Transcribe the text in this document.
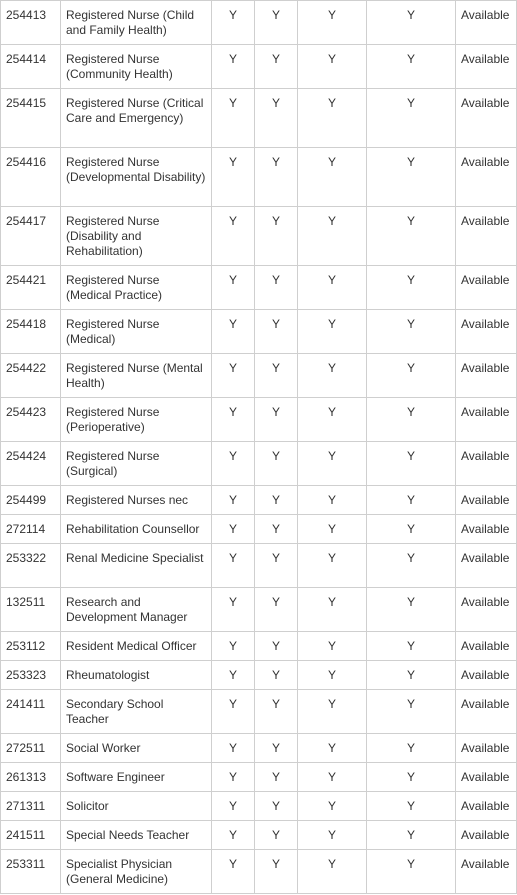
254413	Registered Nurse (Child and Family Health)	Y	Y	Y	Y	Available
254414	Registered Nurse (Community Health)	Y	Y	Y	Y	Available
254415	Registered Nurse (Critical Care and Emergency)	Y	Y	Y	Y	Available
254416	Registered Nurse (Developmental Disability)	Y	Y	Y	Y	Available
254417	Registered Nurse (Disability and Rehabilitation)	Y	Y	Y	Y	Available
254421	Registered Nurse (Medical Practice)	Y	Y	Y	Y	Available
254418	Registered Nurse (Medical)	Y	Y	Y	Y	Available
254422	Registered Nurse (Mental Health)	Y	Y	Y	Y	Available
254423	Registered Nurse (Perioperative)	Y	Y	Y	Y	Available
254424	Registered Nurse (Surgical)	Y	Y	Y	Y	Available
254499	Registered Nurses nec	Y	Y	Y	Y	Available
272114	Rehabilitation Counsellor	Y	Y	Y	Y	Available
253322	Renal Medicine Specialist	Y	Y	Y	Y	Available
132511	Research and Development Manager	Y	Y	Y	Y	Available
253112	Resident Medical Officer	Y	Y	Y	Y	Available
253323	Rheumatologist	Y	Y	Y	Y	Available
241411	Secondary School Teacher	Y	Y	Y	Y	Available
272511	Social Worker	Y	Y	Y	Y	Available
261313	Software Engineer	Y	Y	Y	Y	Available
271311	Solicitor	Y	Y	Y	Y	Available
241511	Special Needs Teacher	Y	Y	Y	Y	Available
253311	Specialist Physician (General Medicine)	Y	Y	Y	Y	Available
